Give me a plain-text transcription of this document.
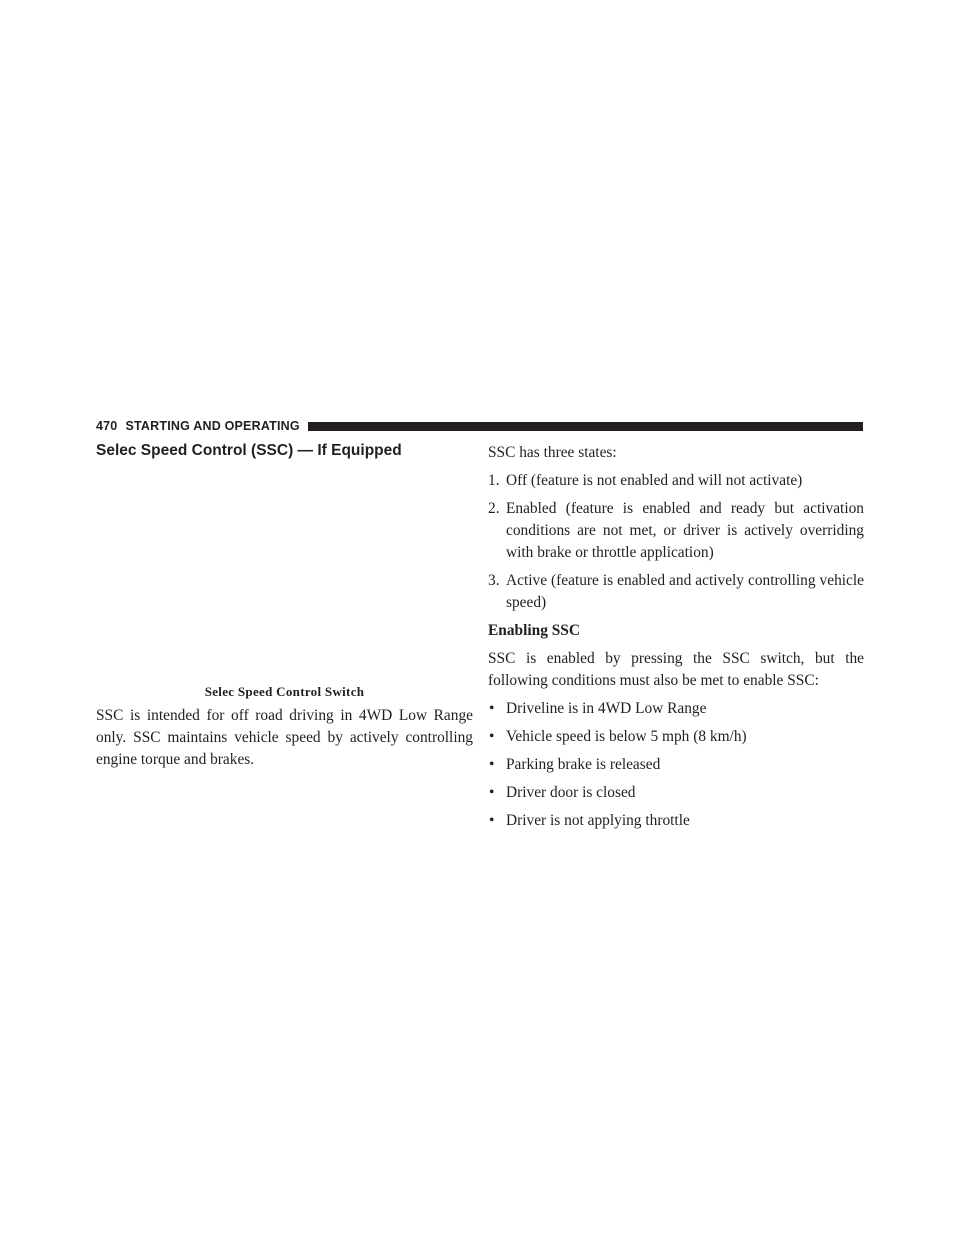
470 STARTING AND OPERATING
Selec Speed Control (SSC) — If Equipped
Selec Speed Control Switch

SSC is intended for off road driving in 4WD Low Range only. SSC maintains vehicle speed by actively controlling engine torque and brakes.

SSC has three states:

1. Off (feature is not enabled and will not activate)
2. Enabled (feature is enabled and ready but activation conditions are not met, or driver is actively overriding with brake or throttle application)
3. Active (feature is enabled and actively controlling vehicle speed)
Enabling SSC

SSC is enabled by pressing the SSC switch, but the following conditions must also be met to enable SSC:

• Driveline is in 4WD Low Range
• Vehicle speed is below 5 mph (8 km/h)
• Parking brake is released
• Driver door is closed
• Driver is not applying throttle
